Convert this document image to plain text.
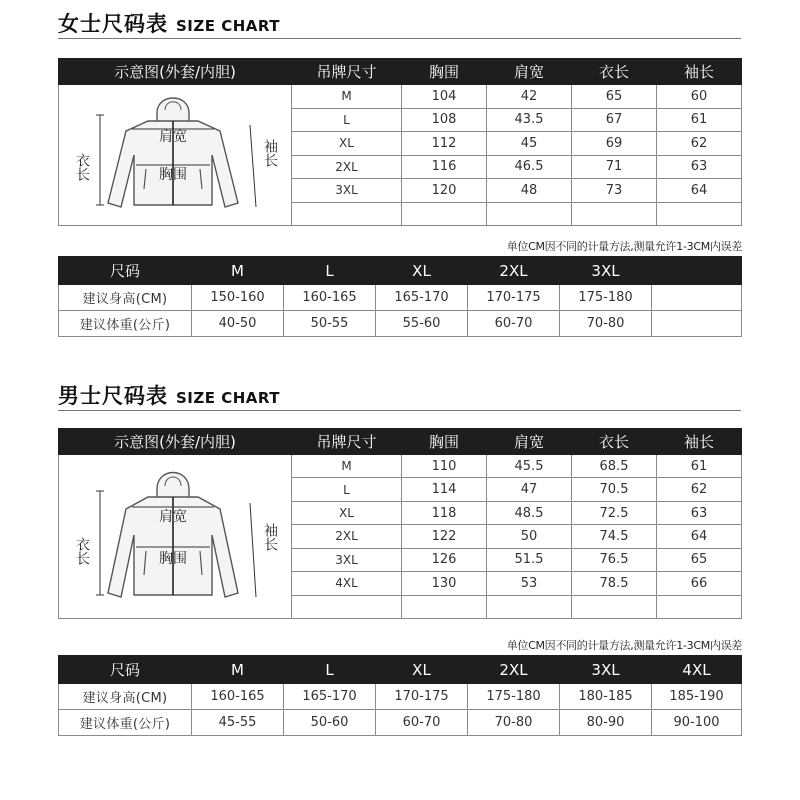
女士尺码表 SIZE CHART
示意图(外套/内胆)	吊牌尺寸	胸围	肩宽	衣长	袖长

肩宽
胸围
衣长 袖长	M	104	42	65	60
	L	108	43.5	67	61
	XL	112	45	69	62
	2XL	116	46.5	71	63
	3XL	120	48	73	64

单位CM因不同的计量方法,测量允许1-3CM内误差
尺码	M	L	XL	2XL	3XL	
建议身高(CM)	150-160	160-165	165-170	170-175	175-180	
建议体重(公斤)	40-50	50-55	55-60	60-70	70-80	
男士尺码表 SIZE CHART
示意图(外套/内胆)	吊牌尺寸	胸围	肩宽	衣长	袖长

肩宽
胸围
衣长 袖长	M	110	45.5	68.5	61
	L	114	47	70.5	62
	XL	118	48.5	72.5	63
	2XL	122	50	74.5	64
	3XL	126	51.5	76.5	65
	4XL	130	53	78.5	66

单位CM因不同的计量方法,测量允许1-3CM内误差
尺码	M	L	XL	2XL	3XL	4XL
建议身高(CM)	160-165	165-170	170-175	175-180	180-185	185-190
建议体重(公斤)	45-55	50-60	60-70	70-80	80-90	90-100
